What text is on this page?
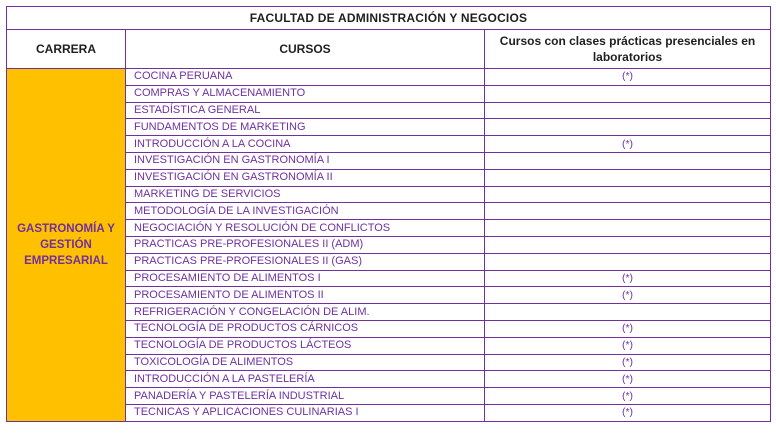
FACULTAD DE ADMINISTRACIÓN Y NEGOCIOS		
CARRERA	CURSOS	Cursos con clases prácticas presenciales en laboratorios
GASTRONOMÍA Y GESTIÓN EMPRESARIAL	COCINA PERUANA	(*)
	COMPRAS Y ALMACENAMIENTO	
	ESTADÍSTICA GENERAL	
	FUNDAMENTOS DE MARKETING	
	INTRODUCCIÓN A LA COCINA	(*)
	INVESTIGACIÓN EN GASTRONOMÍA I	
	INVESTIGACIÓN EN GASTRONOMÍA II	
	MARKETING DE SERVICIOS	
	METODOLOGÍA DE LA INVESTIGACIÓN	
	NEGOCIACIÓN Y RESOLUCIÓN DE CONFLICTOS	
	PRACTICAS PRE-PROFESIONALES II (ADM)	
	PRACTICAS PRE-PROFESIONALES II (GAS)	
	PROCESAMIENTO DE ALIMENTOS I	(*)
	PROCESAMIENTO DE ALIMENTOS II	(*)
	REFRIGERACIÓN Y CONGELACIÓN DE ALIM.	
	TECNOLOGÍA DE PRODUCTOS CÁRNICOS	(*)
	TECNOLOGÍA DE PRODUCTOS LÁCTEOS	(*)
	TOXICOLOGÍA DE ALIMENTOS	(*)
	INTRODUCCIÓN A LA PASTELERÍA	(*)
	PANADERÍA Y PASTELERÍA INDUSTRIAL	(*)
	TECNICAS Y APLICACIONES CULINARIAS I	(*)
